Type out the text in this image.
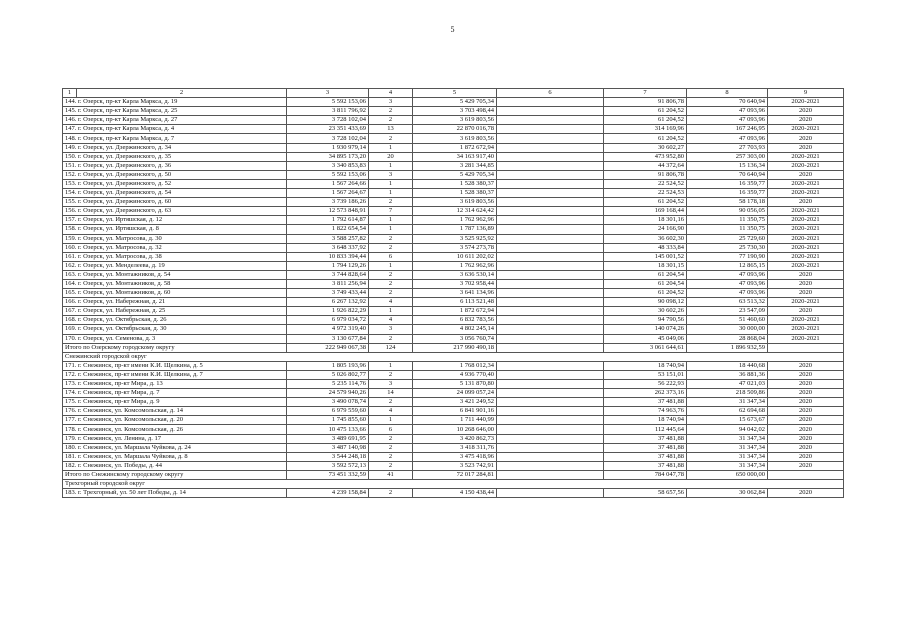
5
1	2	3	4	5	6	7	8	9
144. г. Озерск, пр-кт Карла Маркса, д. 19		5 592 153,06	3	5 429 705,34		91 806,78	70 640,94	2020-2021
145. г. Озерск, пр-кт Карла Маркса, д. 25		3 811 796,92	2	3 703 498,44		61 204,52	47 093,96	2020
146. г. Озерск, пр-кт Карла Маркса, д. 27		3 728 102,04	2	3 619 803,56		61 204,52	47 093,96	2020
147. г. Озерск, пр-кт Карла Маркса, д. 4		23 351 433,69	13	22 870 016,78		314 169,96	167 246,95	2020-2021
148. г. Озерск, пр-кт Карла Маркса, д. 7		3 728 102,04	2	3 619 803,56		61 204,52	47 093,96	2020
149. г. Озерск, ул. Дзержинского, д. 34		1 930 979,14	1	1 872 672,94		30 602,27	27 703,93	2020
150. г. Озерск, ул. Дзержинского, д. 35		34 895 173,20	20	34 163 917,40		473 952,80	257 303,00	2020-2021
151. г. Озерск, ул. Дзержинского, д. 36		3 340 853,83	1	3 281 344,85		44 372,64	15 136,34	2020-2021
152. г. Озерск, ул. Дзержинского, д. 50		5 592 153,06	3	5 429 705,34		91 806,78	70 640,94	2020
153. г. Озерск, ул. Дзержинского, д. 52		1 567 264,66	1	1 528 380,37		22 524,52	16 359,77	2020-2021
154. г. Озерск, ул. Дзержинского, д. 54		1 567 264,67	1	1 528 380,37		22 524,53	16 359,77	2020-2021
155. г. Озерск, ул. Дзержинского, д. 60		3 739 186,26	2	3 619 803,56		61 204,52	58 178,18	2020
156. г. Озерск, ул. Дзержинского, д. 63		12 573 848,91	7	12 314 624,42		169 168,44	90 056,05	2020-2021
157. г. Озерск, ул. Иртяшская, д. 12		1 792 614,87	1	1 762 962,96		18 301,16	11 350,75	2020-2021
158. г. Озерск, ул. Иртяшская, д. 8		1 822 654,54	1	1 787 136,89		24 166,90	11 350,75	2020-2021
159. г. Озерск, ул. Матросова, д. 30		3 588 257,82	2	3 525 925,92		36 602,30	25 729,60	2020-2021
160. г. Озерск, ул. Матросова, д. 32		3 648 337,92	2	3 574 273,78		48 333,84	25 730,30	2020-2021
161. г. Озерск, ул. Матросова, д. 38		10 833 394,44	6	10 611 202,02		145 001,52	77 190,90	2020-2021
162. г. Озерск, ул. Менделеева, д. 19		1 794 129,26	1	1 762 962,96		18 301,15	12 865,15	2020-2021
163. г. Озерск, ул. Монтажников, д. 54		3 744 828,64	2	3 636 530,14		61 204,54	47 093,96	2020
164. г. Озерск, ул. Монтажников, д. 58		3 811 256,94	2	3 702 958,44		61 204,54	47 093,96	2020
165. г. Озерск, ул. Монтажников, д. 60		3 749 433,44	2	3 641 134,96		61 204,52	47 093,96	2020
166. г. Озерск, ул. Набережная, д. 21		6 267 132,92	4	6 113 521,48		90 098,12	63 513,32	2020-2021
167. г. Озерск, ул. Набережная, д. 25		1 926 822,29	1	1 872 672,94		30 602,26	23 547,09	2020
168. г. Озерск, ул. Октябрьская, д. 26		6 979 034,72	4	6 832 783,56		94 790,56	51 460,60	2020-2021
169. г. Озерск, ул. Октябрьская, д. 30		4 972 319,40	3	4 802 245,14		140 074,26	30 000,00	2020-2021
170. г. Озерск, ул. Семенова, д. 3		3 130 677,84	2	3 056 760,74		45 049,06	28 868,04	2020-2021
Итого по Озерскому городскому округу		222 949 067,38	124	217 990 490,18		3 061 644,61	1 896 932,59	
Снежинский городской округ								
171. г. Снежинск, пр-кт имени К.И. Щелкина, д. 5		1 805 193,96	1	1 768 012,34		18 740,94	18 440,68	2020
172. г. Снежинск, пр-кт имени К.И. Щелкина, д. 7		5 026 802,77	2	4 936 770,40		53 151,01	36 881,36	2020
173. г. Снежинск, пр-кт Мира, д. 13		5 235 114,76	3	5 131 870,80		56 222,93	47 021,03	2020
174. г. Снежинск, пр-кт Мира, д. 7		24 579 940,26	14	24 099 057,24		262 373,16	218 509,86	2020
175. г. Снежинск, пр-кт Мира, д. 9		3 490 078,74	2	3 421 249,52		37 481,88	31 347,34	2020
176. г. Снежинск, ул. Комсомольская, д. 14		6 979 559,60	4	6 841 901,16		74 963,76	62 694,68	2020
177. г. Снежинск, ул. Комсомольская, д. 20		1 745 855,60	1	1 711 440,99		18 740,94	15 673,67	2020
178. г. Снежинск, ул. Комсомольская, д. 26		10 475 133,66	6	10 268 646,00		112 445,64	94 042,02	2020
179. г. Снежинск, ул. Ленина, д. 17		3 489 691,95	2	3 420 862,73		37 481,88	31 347,34	2020
180. г. Снежинск, ул. Маршала Чуйкова, д. 24		3 487 140,98	2	3 418 311,76		37 481,88	31 347,34	2020
181. г. Снежинск, ул. Маршала Чуйкова, д. 8		3 544 248,18	2	3 475 418,96		37 481,88	31 347,34	2020
182. г. Снежинск, ул. Победы, д. 44		3 592 572,13	2	3 523 742,91		37 481,88	31 347,34	2020
Итого по Снежинскому городскому округу		73 451 332,59	41	72 017 284,81		784 047,78	650 000,00	
Трехгорный городской округ								
183. г. Трехгорный, ул. 50 лет Победы, д. 14		4 239 158,84	2	4 150 438,44		58 657,56	30 062,84	2020
